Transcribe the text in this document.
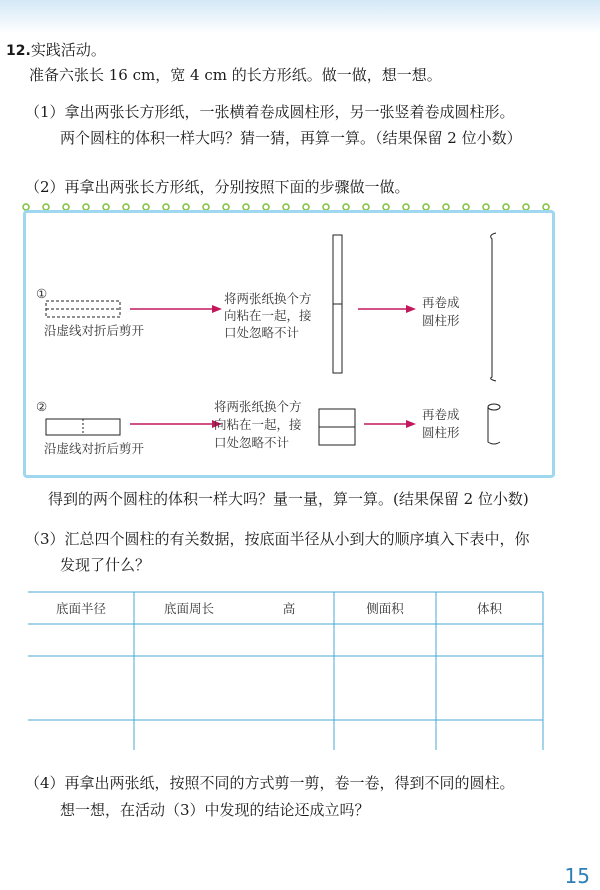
12.实践活动。
准备六张长 16 cm，宽 4 cm 的长方形纸。做一做，想一想。
（1）拿出两张长方形纸，一张横着卷成圆柱形，另一张竖着卷成圆柱形。
两个圆柱的体积一样大吗？猜一猜，再算一算。（结果保留 2 位小数）
（2）再拿出两张长方形纸，分别按照下面的步骤做一做。
①
沿虚线对折后剪开
将两张纸换个方
向粘在一起，接
口处忽略不计
再卷成
圆柱形
②
沿虚线对折后剪开
将两张纸换个方
向粘在一起，接
口处忽略不计
再卷成
圆柱形
得到的两个圆柱的体积一样大吗？量一量，算一算。(结果保留 2 位小数)
（3）汇总四个圆柱的有关数据，按底面半径从小到大的顺序填入下表中，你
发现了什么？
底面半径	底面周长	高	侧面积	体积
（4）再拿出两张纸，按照不同的方式剪一剪，卷一卷，得到不同的圆柱。
想一想，在活动（3）中发现的结论还成立吗？
15
